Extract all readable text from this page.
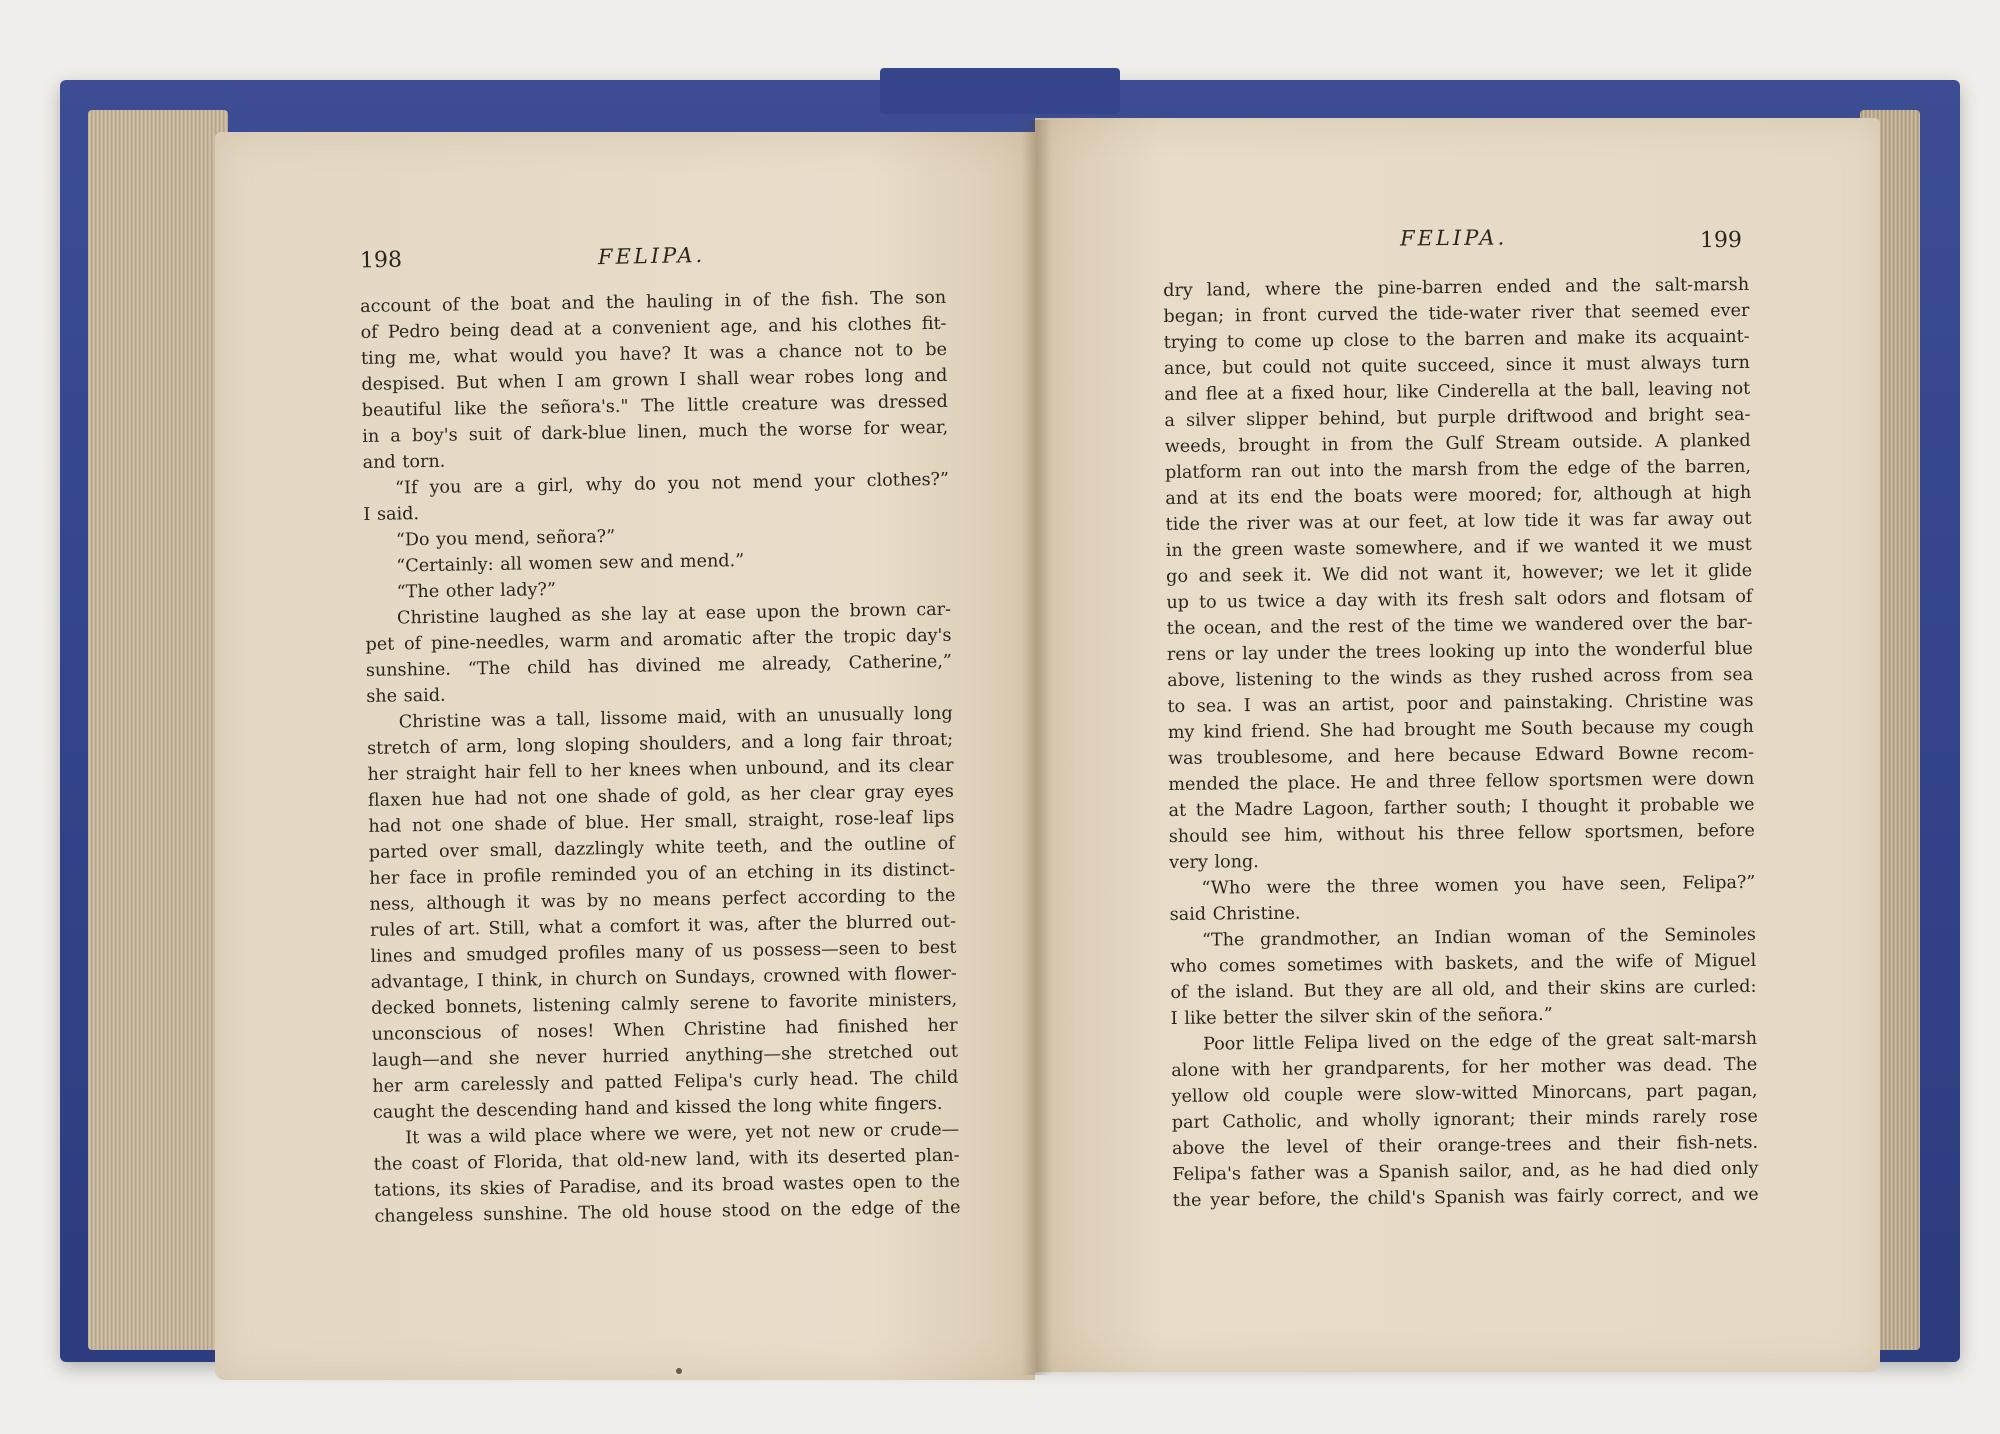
198	FELIPA.
FELIPA.	199
account of the boat and the hauling in of the fish. The son
of Pedro being dead at a convenient age, and his clothes fit-
ting me, what would you have? It was a chance not to be
despised. But when I am grown I shall wear robes long and
beautiful like the señora's." The little creature was dressed
in a boy's suit of dark-blue linen, much the worse for wear,
and torn.
“If you are a girl, why do you not mend your clothes?”
I said.
“Do you mend, señora?”
“Certainly: all women sew and mend.”
“The other lady?”
Christine laughed as she lay at ease upon the brown car-
pet of pine-needles, warm and aromatic after the tropic day's
sunshine. “The child has divined me already, Catherine,”
she said.
Christine was a tall, lissome maid, with an unusually long
stretch of arm, long sloping shoulders, and a long fair throat;
her straight hair fell to her knees when unbound, and its clear
flaxen hue had not one shade of gold, as her clear gray eyes
had not one shade of blue. Her small, straight, rose-leaf lips
parted over small, dazzlingly white teeth, and the outline of
her face in profile reminded you of an etching in its distinct-
ness, although it was by no means perfect according to the
rules of art. Still, what a comfort it was, after the blurred out-
lines and smudged profiles many of us possess—seen to best
advantage, I think, in church on Sundays, crowned with flower-
decked bonnets, listening calmly serene to favorite ministers,
unconscious of noses! When Christine had finished her
laugh—and she never hurried anything—she stretched out
her arm carelessly and patted Felipa's curly head. The child
caught the descending hand and kissed the long white fingers.
It was a wild place where we were, yet not new or crude—
the coast of Florida, that old-new land, with its deserted plan-
tations, its skies of Paradise, and its broad wastes open to the
changeless sunshine. The old house stood on the edge of the
dry land, where the pine-barren ended and the salt-marsh
began; in front curved the tide-water river that seemed ever
trying to come up close to the barren and make its acquaint-
ance, but could not quite succeed, since it must always turn
and flee at a fixed hour, like Cinderella at the ball, leaving not
a silver slipper behind, but purple driftwood and bright sea-
weeds, brought in from the Gulf Stream outside. A planked
platform ran out into the marsh from the edge of the barren,
and at its end the boats were moored; for, although at high
tide the river was at our feet, at low tide it was far away out
in the green waste somewhere, and if we wanted it we must
go and seek it. We did not want it, however; we let it glide
up to us twice a day with its fresh salt odors and flotsam of
the ocean, and the rest of the time we wandered over the bar-
rens or lay under the trees looking up into the wonderful blue
above, listening to the winds as they rushed across from sea
to sea. I was an artist, poor and painstaking. Christine was
my kind friend. She had brought me South because my cough
was troublesome, and here because Edward Bowne recom-
mended the place. He and three fellow sportsmen were down
at the Madre Lagoon, farther south; I thought it probable we
should see him, without his three fellow sportsmen, before
very long.
“Who were the three women you have seen, Felipa?”
said Christine.
“The grandmother, an Indian woman of the Seminoles
who comes sometimes with baskets, and the wife of Miguel
of the island. But they are all old, and their skins are curled:
I like better the silver skin of the señora.”
Poor little Felipa lived on the edge of the great salt-marsh
alone with her grandparents, for her mother was dead. The
yellow old couple were slow-witted Minorcans, part pagan,
part Catholic, and wholly ignorant; their minds rarely rose
above the level of their orange-trees and their fish-nets.
Felipa's father was a Spanish sailor, and, as he had died only
the year before, the child's Spanish was fairly correct, and we
